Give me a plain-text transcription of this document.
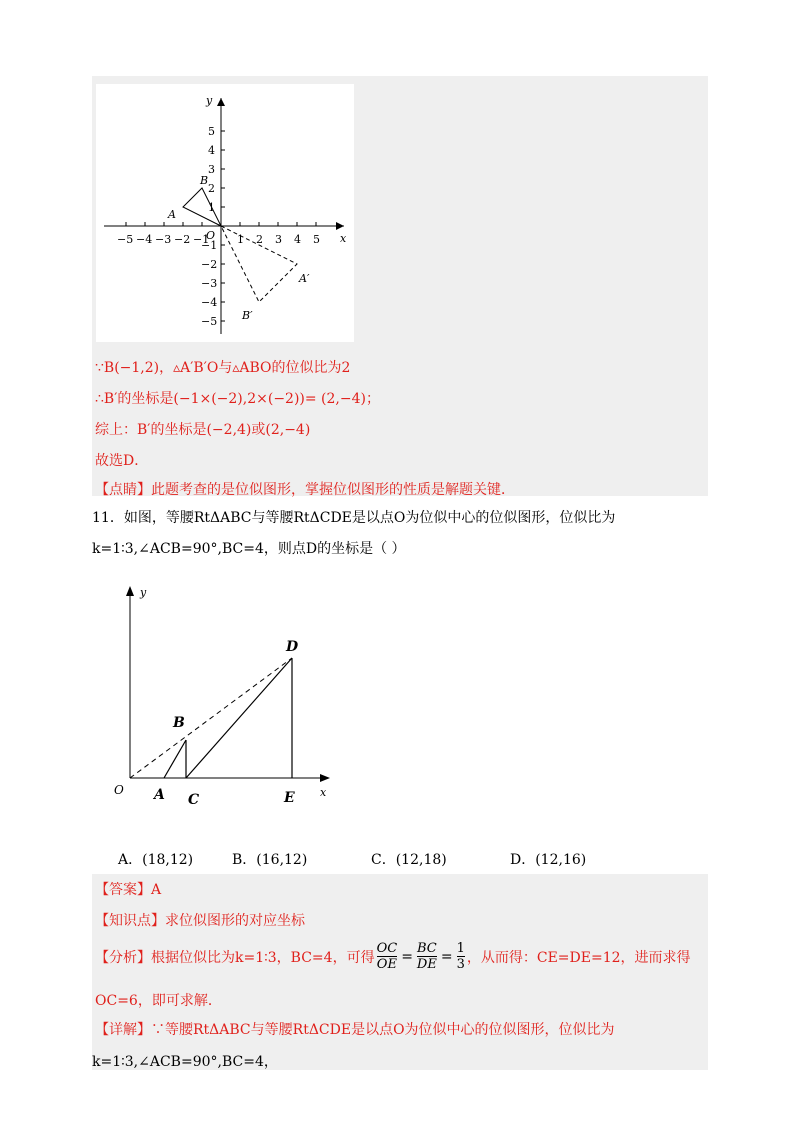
x
y
−5 −4 −3 −2 −1	1 2 3 4 5
5
4
3
2
1
−1
−2
−3
−4
−5
A
B
O
A′
B′
∵B(−1,2)，▵A′B′O与▵ABO的位似比为2
∴B′的坐标是(−1×(−2),2×(−2))= (2,−4)；
综上：B′的坐标是(−2,4)或(2,−4)
故选D．
【点睛】此题考查的是位似图形，掌握位似图形的性质是解题关键．
11．如图，等腰RtΔABC与等腰RtΔCDE是以点O为位似中心的位似图形，位似比为
k=1∶3,∠ACB=90°,BC=4，则点D的坐标是（ ）
x
y
O A
B
C
D
E
A．(18,12)	B．(16,12)	C．(12,18)	D．(12,16)
【答案】A
【知识点】求位似图形的对应坐标
【分析】根据位似比为k=1∶3，BC=4，可得 $\frac{OC}{OE} = \frac{BC}{DE} = \frac{1}{3}$ ，从而得：CE=DE=12，进而求得
OC=6，即可求解．
【详解】∵等腰RtΔABC与等腰RtΔCDE是以点O为位似中心的位似图形，位似比为
k=1∶3,∠ACB=90°,BC=4，
